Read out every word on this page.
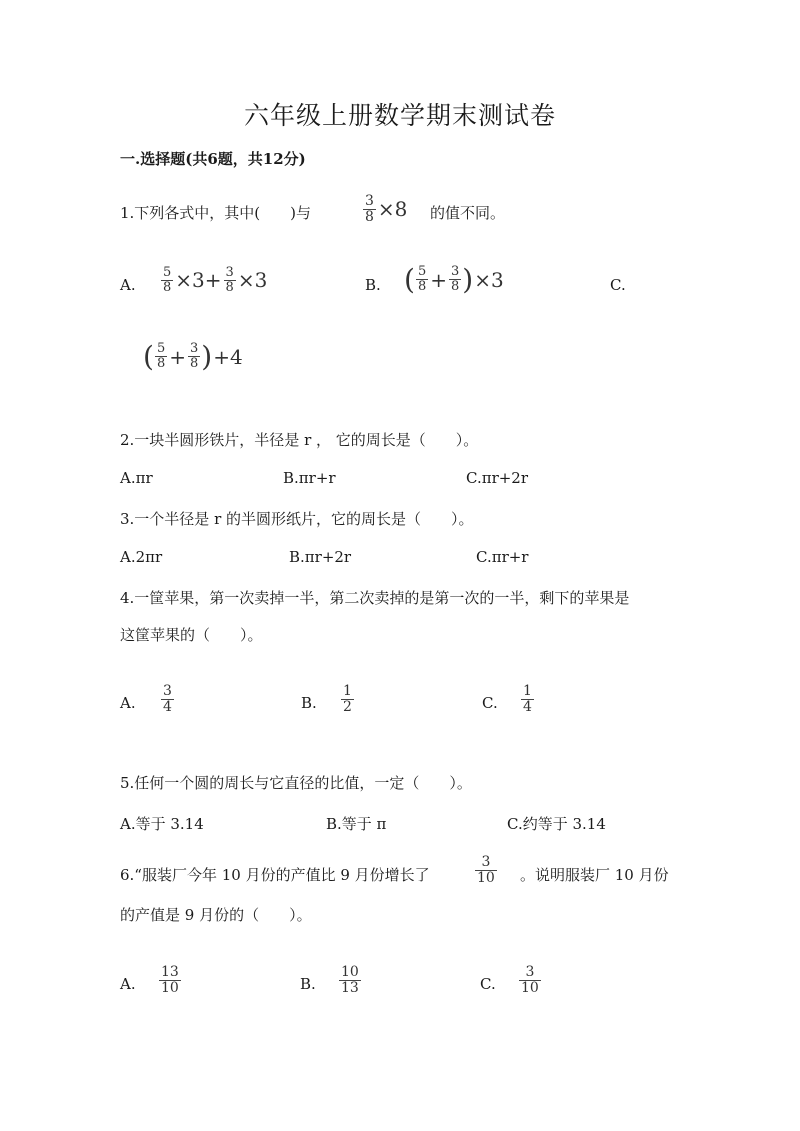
六年级上册数学期末测试卷
一.选择题(共6题，共12分)
1.下列各式中，其中(　　)与	$\frac{3}{8} \times 8$ 的值不同。
A. $\frac{5}{8} \times 3+ \frac{3}{8} \times 3$	B. ( $\frac{5}{8} + \frac{3}{8} )\times 3$	C.
( $\frac{5}{8} + \frac{3}{8} )+4$
2.一块半圆形铁片，半径是 r ， 它的周长是（　　）。
A.πr	B.πr+r	C.πr+2r
3.一个半径是 r 的半圆形纸片，它的周长是（　　）。
A.2πr	B.πr+2r	C.πr+r
4.一筐苹果，第一次卖掉一半，第二次卖掉的是第一次的一半，剩下的苹果是
这筐苹果的（　　）。
A. $\frac{3}{4}$	B. $\frac{1}{2}$	C. $\frac{1}{4}$
5.任何一个圆的周长与它直径的比值，一定（　　）。
A.等于 3.14	B.等于 π	C.约等于 3.14
6.“服装厂今年 10 月份的产值比 9 月份增长了	$\frac{3}{10}$ 。说明服装厂 10 月份
的产值是 9 月份的（　　）。
A. $\frac{13}{10}$	B. $\frac{10}{13}$	C. $\frac{3}{10}$
